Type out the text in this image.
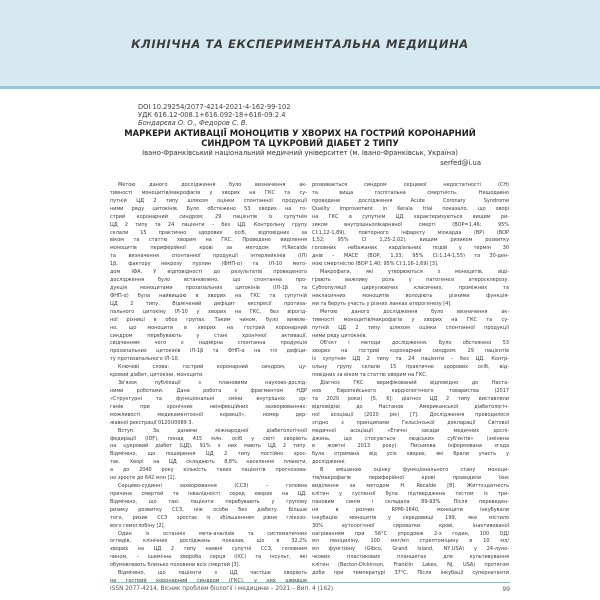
КЛІНІЧНА ТА ЕКСПЕРИМЕНТАЛЬНА МЕДИЦИНА
DOI 10.29254/2077-4214-2021-4-162-99-102
УДК 616.12-008.1+616.092-18+616-09:2.4
Бондарєва О. О., Федоров С. В.
МАРКЕРИ АКТИВАЦІЇ МОНОЦИТІВ У ХВОРИХ НА ГОСТРИЙ КОРОНАРНИЙ
СИНДРОМ ТА ЦУКРОВИЙ ДІАБЕТ 2 ТИПУ
Івано-Франківський національний медичний університет (м. Івано-Франківськ, Україна)
serfed@i.ua
Метою даного дослідження було визначення ак-
тивності моноцитів/макрофагів у хворих на ГКС та су-
путній ЦД 2 типу шляхом оцінки спонтанної продукції
ними ряду цитокінів. Було обстежено 53 хворих на го-
стрий коронарний синдром: 29 пацієнтів із супутнім
ЦД 2 типу та 24 пацієнти – без ЦД. Контрольну групу
склали 15 практично здорових осіб, відповідних за
віком та статтю хворим на ГКС. Проведено виділення
моноцитів периферійної крові за методом H.Recalde
та визначення спонтанної продукції інтерлейкінів (ІЛ)
1β, фактору некрозу пухлин (ФНП-α) та ІЛ-10 мето-
дом ІФА. У відповідності до результатів проведеного
дослідження було встановлено, що спонтанна про-
дукція моноцитами прозапальних цитокінів (ІЛ-1β та
ФНП-α) була найвищою в хворих на ГКС та супутній
ЦД 2 типу. Відмічений дефіцит експресії протиза-
пального цитокіну ІЛ-10 у хворих на ГКС, без вірогід-
ної різниці в обох групах. Таким чином, було виявле-
но, що моноцити в хворих на гострий коронарний
синдром перебувають у стані хронічної активації,
свідченням чого є надмірна спонтанна продукція
прозапальних цитокінів ІЛ-1β та ФНП-α на тлі дефіци-
ту протизапального ІЛ-10.
Ключові слова: гострий коронарний синдром, цу-
кровий діабет, цитокіни, моноцити.
Зв'язок публікації з плановими науково-дослід-
ними роботами. Дана робота є фрагментом НДР
«Структурні та функціональні зміни внутрішніх ор-
ганів при хронічних неінфекційних захворюваннях:
можливості медикаментозної корекції», номер дер-
жавної реєстрації 0120U0089 3.
Вступ. За даними міжнародної діабетологічної
федерації (IDF), понад 415 млн. осіб у світі хворіють
на цукровий діабет (ЦД), 91% з них мають ЦД 2 типу.
Відмічено, що поширення ЦД 2 типу постійно зрос-
тає. Хворі на ЦД складають 8,8% населення планети,
а до 2040 року кількість таких пацієнтів прогнозова-
но зросте до 642 млн [1].
Серцево-судинні захворювання (ССЗ) – головна
причина смертей та інвалідності серед хворих на ЦД.
Відмічено, що такі пацієнти перебувають у групову
ризику розвитку ССЗ, ніж особи без діабету. Більше
того, ризик ССЗ зростає із збільшенням рівня глікозо-
вого гемоглобіну [2].
Один із останніх мета-аналізів та систематичних
оглядів, клінічних досліджень показав, що в 32,2%
хворих на ЦД 2 типу наявні супутні ССЗ, головним
чином, – ішемічна хвороба серця (ІХС) та інсульт, які
обумовлюють близько половини всіх смертей [3].
Відмічено, що пацієнти з ЦД частіше хворіють
на гострий коронарний синдром (ГКС), у них швидше
розвивається синдром серцевої недостатності (СН)
та вища госпітальна смертність. Нещодавно
проведене дослідження Acute Coronary Syndrome
Quality Improvement in Kerala trial показало, що хворі
на ГКС в супутнім ЦД характеризуються вищим ри-
зиком внутрішньолікарняної смерті (ВОР=1,46; 95%
СІ:1,12-1,89), повторного інфаркту міокарда (ВР) (ВОР
1,52; 95% СІ 1,25-2,02), вищим ризиком розвитку
головних небажаних кардіальних подій у термін 30
днів – MACE (ВОР, 1,33; 95% СІ:1,14-1,55) та 30-ден-
ною смертністю (ВОР 1,40; 95% СІ:1,16-1,69) [3].
Макрофаги, які утворюються з моноцитів, віді-
грають важливу роль у патогенезі атеросклерозу.
Субпопуляції циркулюючих класичних, проміжних та
некласичних моноцитів володіють різними функція-
ми та беруть участь у різних ланках атерогенезу [4].
Метою даного дослідження було визначення ак-
тивності моноцитів/макрофагів у хворих на ГКС та су-
путній ЦД 2 типу шляхом оцінки спонтанної продукції
ними ряду цитокінів.
Об'єкт і методи дослідження. Було обстежено 53
хворих на гострий коронарний синдром: 29 пацієнтів
із супутнім ЦД 2 типу та 24 пацієнти – без ЦД. Контр-
ольну групу склали 15 практично здорових осіб, від-
повідних за віком та статтю хворим на ГКС.
Діагноз ГКС верифікований відповідно до Наста-
нов Європейського кардіологічного товариства (2017
та 2020 роки) [5, 6]; діагноз ЦД 2 типу виставляли
відповідно до Настанов Американської діабетологіч-
ної асоціації (2020 рік) [7]. Дослідження проводилося
згідно з принципами Гельсінської декларації Світової
медичної асоціації «Етичні засади медичних дослі-
джень, що стосуються людських суб'єктів» (змінена
в жовтні 2013 року). Письмова інформована згода
була отримана від усіх хворих, які брали участь у
дослідженні.
В змішаною оцінку функціонального стану моноци-
тів/макрофагів периферійної крові проводили їхнє
виділення за методом H. Recalde [8]. Життєздатність
клітин у суспензії була підтверджена тестом із три-
пановим синім і складала 89-93%. Після переведен-
ня в розчин RPMI-1640, моноцити інкубували
інкубацію моноцитів у середовищі 199, яке містило
30% аутологічної сироватки крові, інактивованої
нагріванням при 56°С упродовж 2-х годин, 100 ОД/
мл пеніциліну, 100 мкг/мл стрептоміцину в 10 мл/
мл фунгізону (Gibco, Grand Island, NY,USA) у 24-луно-
чкових пластикових планшетах для культивування
клітин (Becton-Dickinson, Franklin Lakes, NJ, USA) протягом
доби при температурі 37°С. Після інкубації супернатанти
ISSN 2077-4214. Вісник проблем біології і медицини – 2021 – Вип. 4 (162)	99
